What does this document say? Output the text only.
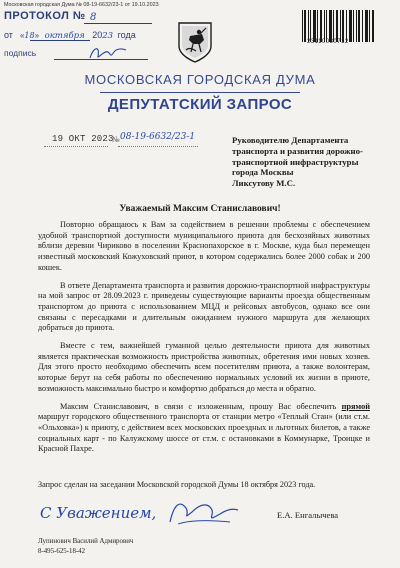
Московская городская Дума № 08-19-6632/23-1 от 19.10.2023
ПРОТОКОЛ № 8
от «18» октября 2023 года
подпись
23110030712
МОСКОВСКАЯ ГОРОДСКАЯ ДУМА
ДЕПУТАТСКИЙ ЗАПРОС
19 ОКТ 2023
№ 08-19-6632/23-1	Руководителю Департамента
транспорта и развития дорожно-
транспортной инфраструктуры
города Москвы
Ликсутову М.С.
Уважаемый Максим Станиславович!

Повторно обращаюсь к Вам за содействием в решении проблемы с обеспечением удобной транспортной доступности муниципального приюта для бесхозяйных животных вблизи деревни Чириково в поселении Краснопахорское в г. Москве, куда был перемещен известный московский Кожуховский приют, в котором содержались более 2000 собак и 200 кошек.

В ответе Департамента транспорта и развития дорожно-транспортной инфраструктуры на мой запрос от 28.09.2023 г. приведены существующие варианты проезда общественным транспортом до приюта с использованием МЦД и рейсовых автобусов, однако все они связаны с пересадками и длительным ожиданием нужного маршрута для желающих добраться до приюта.

Вместе с тем, важнейшей гуманной целью деятельности приюта для животных является практическая возможность пристройства животных, обретения ими новых хозяев. Для этого просто необходимо обеспечить всем посетителям приюта, а также волонтерам, которые берут на себя работы по обеспечению нормальных условий их жизни в приюте, возможность максимально быстро и комфортно добраться до места и обратно.

Максим Станиславович, в связи с изложенным, прошу Вас обеспечить прямой маршрут городского общественного транспорта от станции метро «Теплый Стан» (или ст.м. «Ольховка») к приюту, с действием всех московских проездных и льготных билетов, а также социальных карт - по Калужскому шоссе от ст.м. с остановками в Коммунарке, Троицке и Красной Пахре.

Запрос сделан на заседании Московской городской Думы 18 октября 2023 года.
С Уважением,	Е.А. Енгалычева
Лупинович Василий Адмирович
8-495-625-18-42
